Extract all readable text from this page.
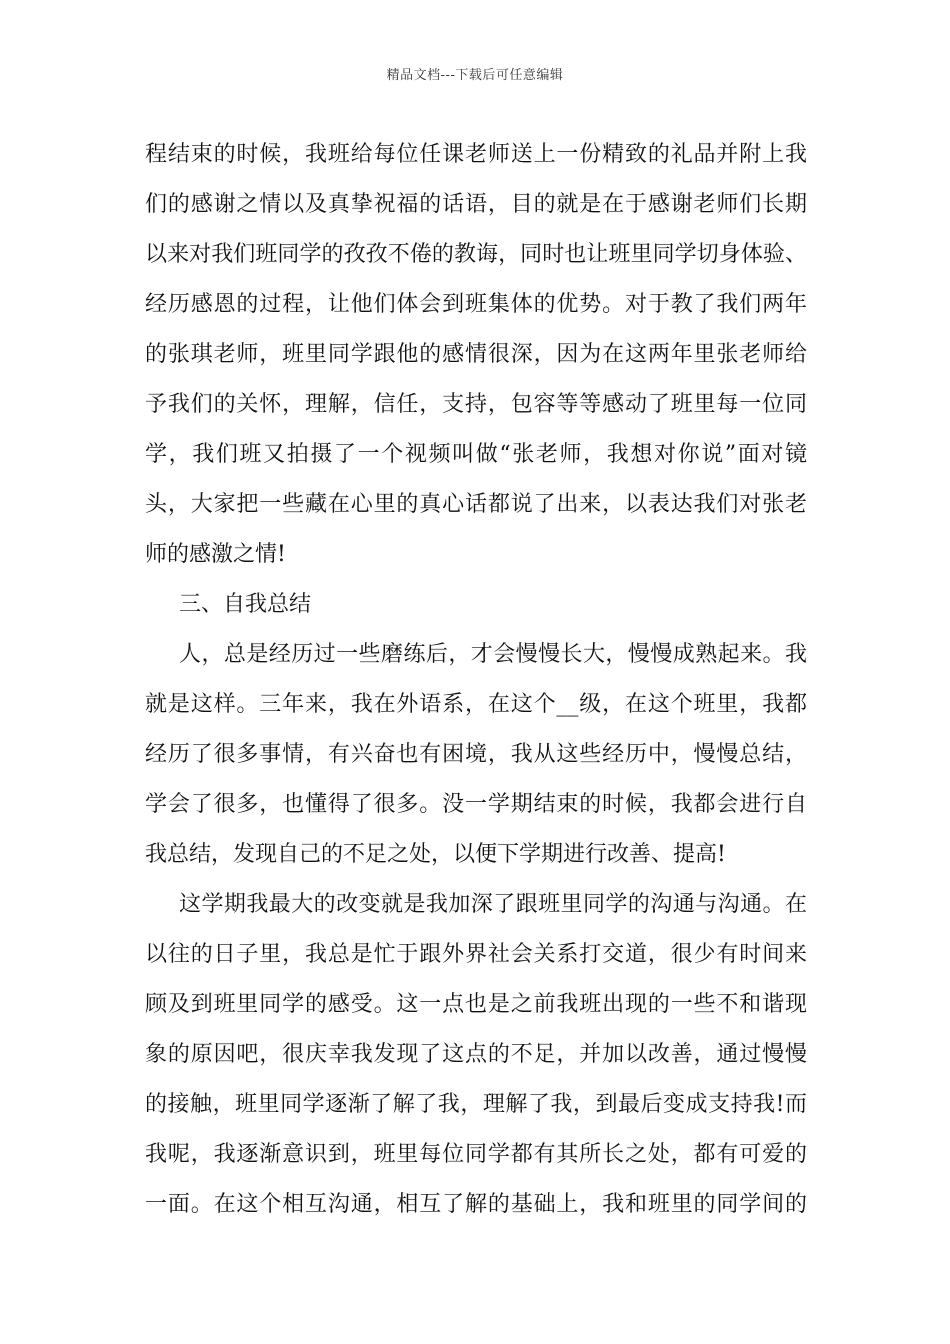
精品文档---下载后可任意编辑
程结束的时候，我班给每位任课老师送上一份精致的礼品并附上我
们的感谢之情以及真挚祝福的话语，目的就是在于感谢老师们长期
以来对我们班同学的孜孜不倦的教诲，同时也让班里同学切身体验、
经历感恩的过程，让他们体会到班集体的优势。对于教了我们两年
的张琪老师，班里同学跟他的感情很深，因为在这两年里张老师给
予我们的关怀，理解，信任，支持，包容等等感动了班里每一位同
学，我们班又拍摄了一个视频叫做“张老师，我想对你说”面对镜
头，大家把一些藏在心里的真心话都说了出来，以表达我们对张老
师的感激之情!
三、自我总结
人，总是经历过一些磨练后，才会慢慢长大，慢慢成熟起来。我
就是这样。三年来，我在外语系，在这个__级，在这个班里，我都
经历了很多事情，有兴奋也有困境，我从这些经历中，慢慢总结，
学会了很多，也懂得了很多。没一学期结束的时候，我都会进行自
我总结，发现自己的不足之处，以便下学期进行改善、提高!
这学期我最大的改变就是我加深了跟班里同学的沟通与沟通。在
以往的日子里，我总是忙于跟外界社会关系打交道，很少有时间来
顾及到班里同学的感受。这一点也是之前我班出现的一些不和谐现
象的原因吧，很庆幸我发现了这点的不足，并加以改善，通过慢慢
的接触，班里同学逐渐了解了我，理解了我，到最后变成支持我!而
我呢，我逐渐意识到，班里每位同学都有其所长之处，都有可爱的
一面。在这个相互沟通，相互了解的基础上，我和班里的同学间的
